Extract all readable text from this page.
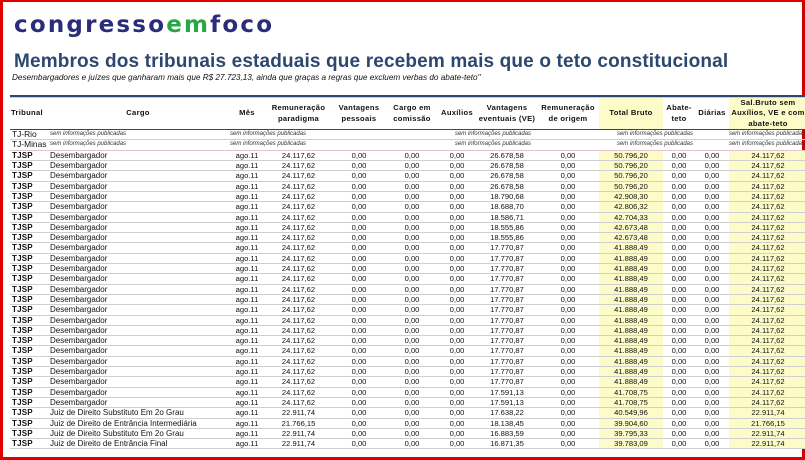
congressoemfoco
Membros dos tribunais estaduais que recebem mais que o teto constitucional
Desembargadores e juízes que ganharam mais que R$ 27.723,13, ainda que graças a regras que excluem verbas do abate-teto"

Tribunal	Cargo	Mês	Remuneração paradigma	Vantagens pessoais	Cargo em comissão	Auxílios	Vantagens eventuais (VE)	Remuneração de origem	Total Bruto	Abate-teto	Diárias	Sal.Bruto sem Auxílios, VE e com abate-teto
TJ-Rio	sem informações publicadas	sem informações publicadas			sem informações publicadas				sem informações publicadas		sem informações publicadas	
TJ-Minas	sem informações publicadas	sem informações publicadas			sem informações publicadas				sem informações publicadas		sem informações publicadas	
TJSP	Desembargador	ago.11	24.117,62	0,00	0,00	0,00	26.678,58	0,00	50.796,20	0,00	0,00	24.117,62
TJSP	Desembargador	ago.11	24.117,62	0,00	0,00	0,00	26.678,58	0,00	50.796,20	0,00	0,00	24.117,62
TJSP	Desembargador	ago.11	24.117,62	0,00	0,00	0,00	26.678,58	0,00	50.796,20	0,00	0,00	24.117,62
TJSP	Desembargador	ago.11	24.117,62	0,00	0,00	0,00	26.678,58	0,00	50.796,20	0,00	0,00	24.117,62
TJSP	Desembargador	ago.11	24.117,62	0,00	0,00	0,00	18.790,68	0,00	42.908,30	0,00	0,00	24.117,62
TJSP	Desembargador	ago.11	24.117,62	0,00	0,00	0,00	18.688,70	0,00	42.806,32	0,00	0,00	24.117,62
TJSP	Desembargador	ago.11	24.117,62	0,00	0,00	0,00	18.586,71	0,00	42.704,33	0,00	0,00	24.117,62
TJSP	Desembargador	ago.11	24.117,62	0,00	0,00	0,00	18.555,86	0,00	42.673,48	0,00	0,00	24.117,62
TJSP	Desembargador	ago.11	24.117,62	0,00	0,00	0,00	18.555,86	0,00	42.673,48	0,00	0,00	24.117,62
TJSP	Desembargador	ago.11	24.117,62	0,00	0,00	0,00	17.770,87	0,00	41.888,49	0,00	0,00	24.117,62
TJSP	Desembargador	ago.11	24.117,62	0,00	0,00	0,00	17.770,87	0,00	41.888,49	0,00	0,00	24.117,62
TJSP	Desembargador	ago.11	24.117,62	0,00	0,00	0,00	17.770,87	0,00	41.888,49	0,00	0,00	24.117,62
TJSP	Desembargador	ago.11	24.117,62	0,00	0,00	0,00	17.770,87	0,00	41.888,49	0,00	0,00	24.117,62
TJSP	Desembargador	ago.11	24.117,62	0,00	0,00	0,00	17.770,87	0,00	41.888,49	0,00	0,00	24.117,62
TJSP	Desembargador	ago.11	24.117,62	0,00	0,00	0,00	17.770,87	0,00	41.888,49	0,00	0,00	24.117,62
TJSP	Desembargador	ago.11	24.117,62	0,00	0,00	0,00	17.770,87	0,00	41.888,49	0,00	0,00	24.117,62
TJSP	Desembargador	ago.11	24.117,62	0,00	0,00	0,00	17.770,87	0,00	41.888,49	0,00	0,00	24.117,62
TJSP	Desembargador	ago.11	24.117,62	0,00	0,00	0,00	17.770,87	0,00	41.888,49	0,00	0,00	24.117,62
TJSP	Desembargador	ago.11	24.117,62	0,00	0,00	0,00	17.770,87	0,00	41.888,49	0,00	0,00	24.117,62
TJSP	Desembargador	ago.11	24.117,62	0,00	0,00	0,00	17.770,87	0,00	41.888,49	0,00	0,00	24.117,62
TJSP	Desembargador	ago.11	24.117,62	0,00	0,00	0,00	17.770,87	0,00	41.888,49	0,00	0,00	24.117,62
TJSP	Desembargador	ago.11	24.117,62	0,00	0,00	0,00	17.770,87	0,00	41.888,49	0,00	0,00	24.117,62
TJSP	Desembargador	ago.11	24.117,62	0,00	0,00	0,00	17.770,87	0,00	41.888,49	0,00	0,00	24.117,62
TJSP	Desembargador	ago.11	24.117,62	0,00	0,00	0,00	17.591,13	0,00	41.708,75	0,00	0,00	24.117,62
TJSP	Desembargador	ago.11	24.117,62	0,00	0,00	0,00	17.591,13	0,00	41.708,75	0,00	0,00	24.117,62
TJSP	Juiz de Direito Substituto Em 2o Grau	ago.11	22.911,74	0,00	0,00	0,00	17.638,22	0,00	40.549,96	0,00	0,00	22.911,74
TJSP	Juiz de Direito de Entrância Intermediária	ago.11	21.766,15	0,00	0,00	0,00	18.138,45	0,00	39.904,60	0,00	0,00	21.766,15
TJSP	Juiz de Direito Substituto Em 2o Grau	ago.11	22.911,74	0,00	0,00	0,00	16.883,59	0,00	39.795,33	0,00	0,00	22.911,74
TJSP	Juiz de Direito de Entrância Final	ago.11	22.911,74	0,00	0,00	0,00	16.871,35	0,00	39.783,09	0,00	0,00	22.911,74
